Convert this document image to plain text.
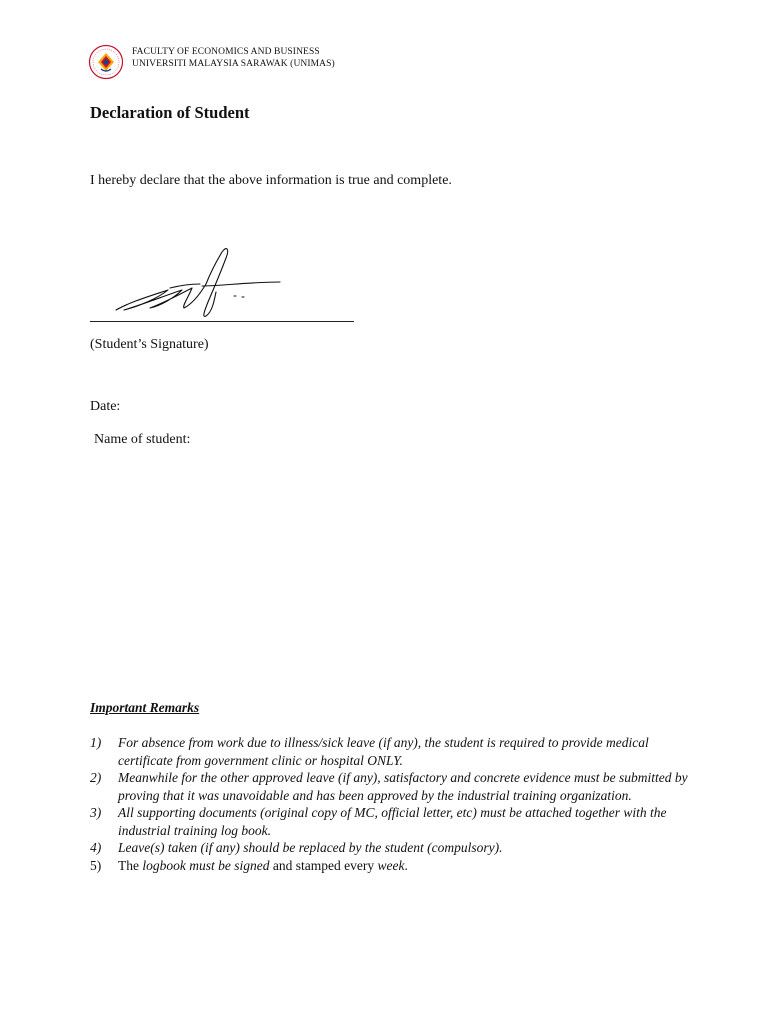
FACULTY OF ECONOMICS AND BUSINESS
UNIVERSITI MALAYSIA SARAWAK (UNIMAS)
Declaration of Student
I hereby declare that the above information is true and complete.
(Student’s Signature)
Date:
Name of student:
Important Remarks
1) For absence from work due to illness/sick leave (if any), the student is required to provide medical certificate from government clinic or hospital ONLY.
2) Meanwhile for the other approved leave (if any), satisfactory and concrete evidence must be submitted by proving that it was unavoidable and has been approved by the industrial training organization.
3) All supporting documents (original copy of MC, official letter, etc) must be attached together with the industrial training log book.
4) Leave(s) taken (if any) should be replaced by the student (compulsory).
5) The logbook must be signed and stamped every week.
